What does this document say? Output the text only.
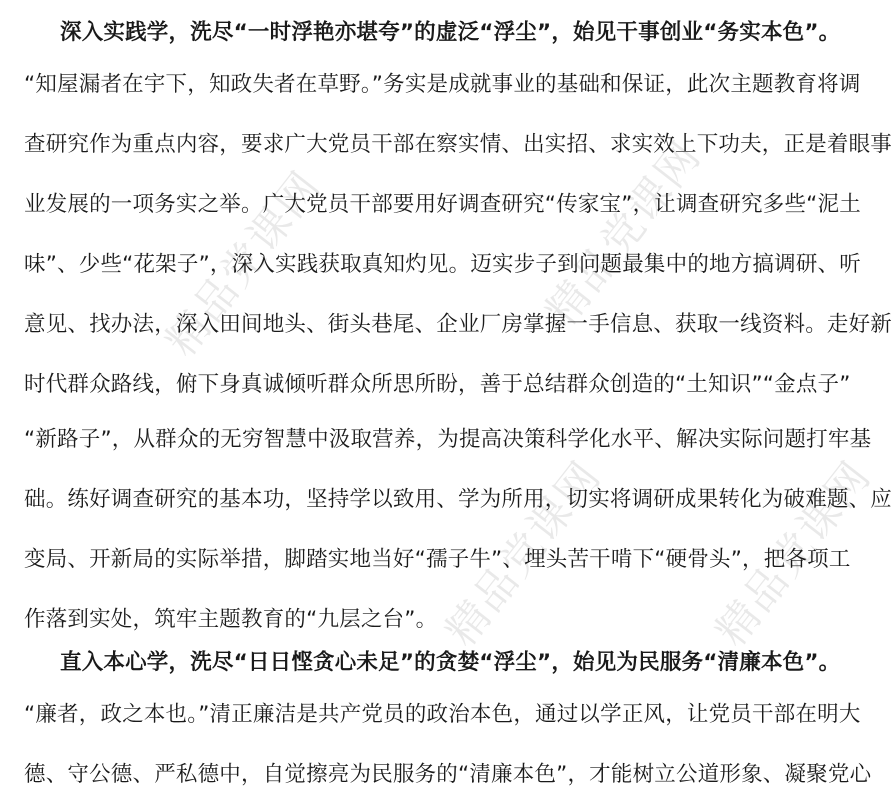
精品党课网	精品党课网
精品党课网 精品党课网
深入实践学，洗尽“一时浮艳亦堪夸”的虚泛“浮尘”，始见干事创业“务实本色”。
“知屋漏者在宇下，知政失者在草野。”务实是成就事业的基础和保证，此次主题教育将调
查研究作为重点内容，要求广大党员干部在察实情、出实招、求实效上下功夫，正是着眼事
业发展的一项务实之举。广大党员干部要用好调查研究“传家宝”，让调查研究多些“泥土
味”、少些“花架子”，深入实践获取真知灼见。迈实步子到问题最集中的地方搞调研、听
意见、找办法，深入田间地头、街头巷尾、企业厂房掌握一手信息、获取一线资料。走好新
时代群众路线，俯下身真诚倾听群众所思所盼，善于总结群众创造的“土知识”“金点子”
“新路子”，从群众的无穷智慧中汲取营养，为提高决策科学化水平、解决实际问题打牢基
础。练好调查研究的基本功，坚持学以致用、学为所用，切实将调研成果转化为破难题、应
变局、开新局的实际举措，脚踏实地当好“孺子牛”、埋头苦干啃下“硬骨头”，把各项工
作落到实处，筑牢主题教育的“九层之台”。
直入本心学，洗尽“日日悭贪心未足”的贪婪“浮尘”，始见为民服务“清廉本色”。
“廉者，政之本也。”清正廉洁是共产党员的政治本色，通过以学正风，让党员干部在明大
德、守公德、严私德中，自觉擦亮为民服务的“清廉本色”，才能树立公道形象、凝聚党心
